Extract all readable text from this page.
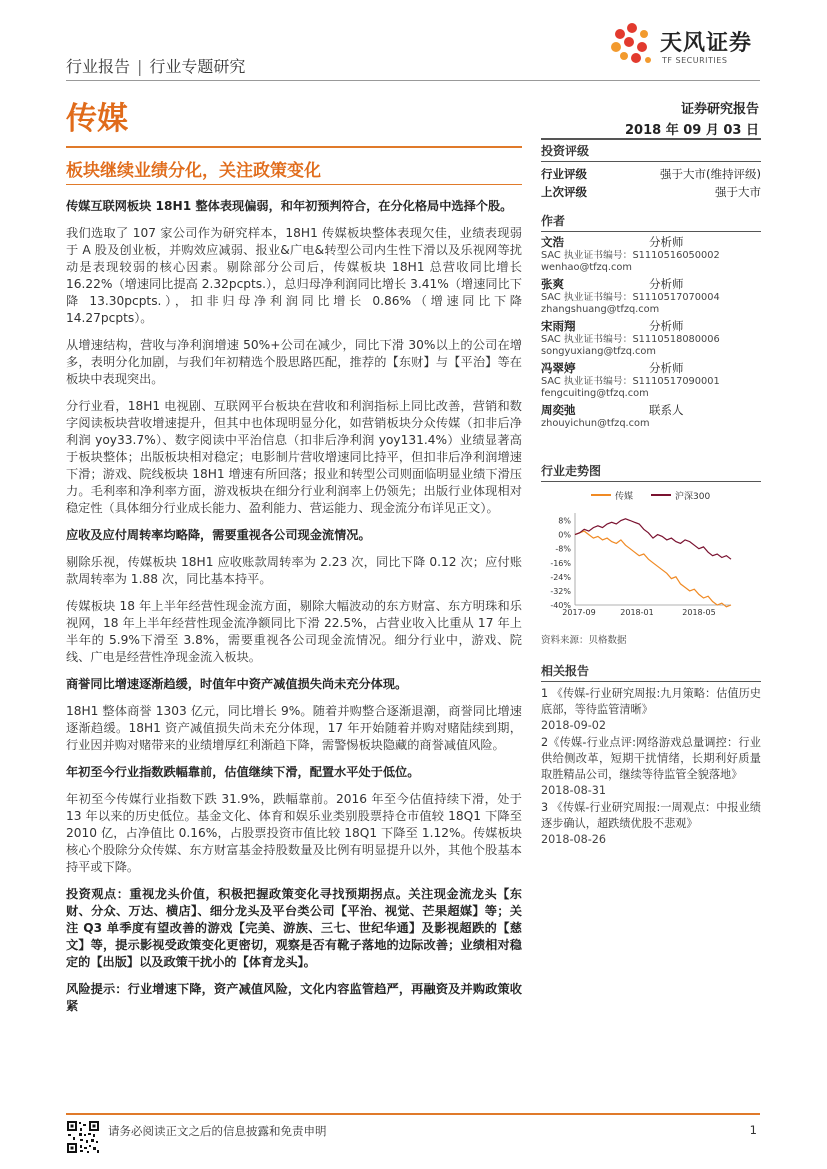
行业报告 | 行业专题研究
天风证券
TF SECURITIES
传媒	证券研究报告
2018 年 09 月 03 日
板块继续业绩分化，关注政策变化
传媒互联网板块 18H1 整体表现偏弱，和年初预判符合，在分化格局中选择个股。
我们选取了 107 家公司作为研究样本，18H1 传媒板块整体表现欠佳，业绩表现弱于 A 股及创业板，并购效应减弱、报业&广电&转型公司内生性下滑以及乐视网等扰动是表现较弱的核心因素。剔除部分公司后，传媒板块 18H1 总营收同比增长 16.22%（增速同比提高 2.32pcpts.），总归母净利润同比增长 3.41%（增速同比下降 13.30pcpts.），扣非归母净利润同比增长 0.86%（增速同比下降 14.27pcpts）。
从增速结构，营收与净利润增速 50%+公司在减少，同比下滑 30%以上的公司在增多，表明分化加剧，与我们年初精选个股思路匹配，推荐的【东财】与【平治】等在板块中表现突出。
分行业看，18H1 电视剧、互联网平台板块在营收和利润指标上同比改善，营销和数字阅读板块营收增速提升，但其中也体现明显分化，如营销板块分众传媒（扣非后净利润 yoy33.7%）、数字阅读中平治信息（扣非后净利润 yoy131.4%）业绩显著高于板块整体；出版板块相对稳定；电影制片营收增速同比持平，但扣非后净利润增速下滑；游戏、院线板块 18H1 增速有所回落；报业和转型公司则面临明显业绩下滑压力。毛利率和净利率方面，游戏板块在细分行业利润率上仍领先；出版行业体现相对稳定性（具体细分行业成长能力、盈利能力、营运能力、现金流分布详见正文）。
应收及应付周转率均略降，需要重视各公司现金流情况。
剔除乐视，传媒板块 18H1 应收账款周转率为 2.23 次，同比下降 0.12 次；应付账款周转率为 1.88 次，同比基本持平。
传媒板块 18 年上半年经营性现金流方面，剔除大幅波动的东方财富、东方明珠和乐视网，18 年上半年经营性现金流净额同比下滑 22.5%，占营业收入比重从 17 年上半年的 5.9%下滑至 3.8%，需要重视各公司现金流情况。细分行业中，游戏、院线、广电是经营性净现金流入板块。
商誉同比增速逐渐趋缓，时值年中资产减值损失尚未充分体现。
18H1 整体商誉 1303 亿元，同比增长 9%。随着并购整合逐渐退潮，商誉同比增速逐渐趋缓。18H1 资产减值损失尚未充分体现，17 年开始随着并购对赌陆续到期，行业因并购对赌带来的业绩增厚红利渐趋下降，需警惕板块隐藏的商誉减值风险。
年初至今行业指数跌幅靠前，估值继续下滑，配置水平处于低位。
年初至今传媒行业指数下跌 31.9%，跌幅靠前。2016 年至今估值持续下滑，处于 13 年以来的历史低位。基金文化、体育和娱乐业类别股票持仓市值较 18Q1 下降至 2010 亿，占净值比 0.16%，占股票投资市值比较 18Q1 下降至 1.12%。传媒板块核心个股除分众传媒、东方财富基金持股数量及比例有明显提升以外，其他个股基本持平或下降。
投资观点：重视龙头价值，积极把握政策变化寻找预期拐点。关注现金流龙头【东财、分众、万达、横店】、细分龙头及平台类公司【平治、视觉、芒果超媒】等；关注 Q3 单季度有望改善的游戏【完美、游族、三七、世纪华通】及影视超跌的【慈文】等，提示影视受政策变化更密切，观察是否有靴子落地的边际改善；业绩相对稳定的【出版】以及政策干扰小的【体育龙头】。
风险提示：行业增速下降，资产减值风险，文化内容监管趋严，再融资及并购政策收紧
投资评级
行业评级	强于大市(维持评级)
上次评级	强于大市
作者
文浩	分析师
SAC 执业证书编号：S1110516050002
wenhao@tfzq.com
张爽	分析师
SAC 执业证书编号：S1110517070004
zhangshuang@tfzq.com
宋雨翔	分析师
SAC 执业证书编号：S1110518080006
songyuxiang@tfzq.com
冯翠婷	分析师
SAC 执业证书编号：S1110517090001
fengcuiting@tfzq.com
周奕弛	联系人
zhouyichun@tfzq.com
行业走势图
传媒	沪深300
8%
0%
-8%
-16%
-24%
-32%
-40%
2017-09	2018-01	2018-05
资料来源：贝格数据
相关报告
1 《传媒-行业研究周报:九月策略：估值历史底部，等待监管清晰》
2018-09-02
2《传媒-行业点评:网络游戏总量调控：行业供给侧改革，短期干扰情绪，长期利好质量取胜精品公司，继续等待监管全貌落地》
2018-08-31
3 《传媒-行业研究周报:一周观点：中报业绩逐步确认，超跌绩优股不悲观》
2018-08-26
请务必阅读正文之后的信息披露和免责申明	1
